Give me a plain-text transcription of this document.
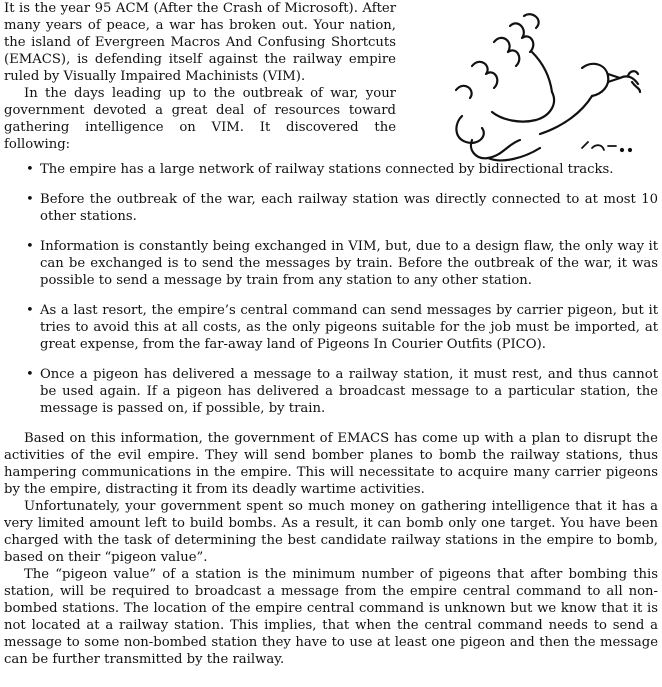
It is the year 95 ACM (After the Crash of Microsoft). After many years of peace, a war has broken out. Your nation, the island of Evergreen Macros And Confusing Shortcuts (EMACS), is defending itself against the railway empire ruled by Visually Impaired Machinists (VIM).

In the days leading up to the outbreak of war, your government devoted a great deal of resources toward gathering intelligence on VIM. It discovered the following:

• The empire has a large network of railway stations connected by bidirectional tracks.
• Before the outbreak of the war, each railway station was directly connected to at most 10 other stations.
• Information is constantly being exchanged in VIM, but, due to a design flaw, the only way it can be exchanged is to send the messages by train. Before the outbreak of the war, it was possible to send a message by train from any station to any other station.
• As a last resort, the empire’s central command can send messages by carrier pigeon, but it tries to avoid this at all costs, as the only pigeons suitable for the job must be imported, at great expense, from the far-away land of Pigeons In Courier Outfits (PICO).
• Once a pigeon has delivered a message to a railway station, it must rest, and thus cannot be used again. If a pigeon has delivered a broadcast message to a particular station, the message is passed on, if possible, by train.

Based on this information, the government of EMACS has come up with a plan to disrupt the activities of the evil empire. They will send bomber planes to bomb the railway stations, thus hampering communications in the empire. This will necessitate to acquire many carrier pigeons by the empire, distracting it from its deadly wartime activities.

Unfortunately, your government spent so much money on gathering intelligence that it has a very limited amount left to build bombs. As a result, it can bomb only one target. You have been charged with the task of determining the best candidate railway stations in the empire to bomb, based on their “pigeon value”.

The “pigeon value” of a station is the minimum number of pigeons that after bombing this station, will be required to broadcast a message from the empire central command to all non-bombed stations. The location of the empire central command is unknown but we know that it is not located at a railway station. This implies, that when the central command needs to send a message to some non-bombed station they have to use at least one pigeon and then the message can be further transmitted by the railway.
